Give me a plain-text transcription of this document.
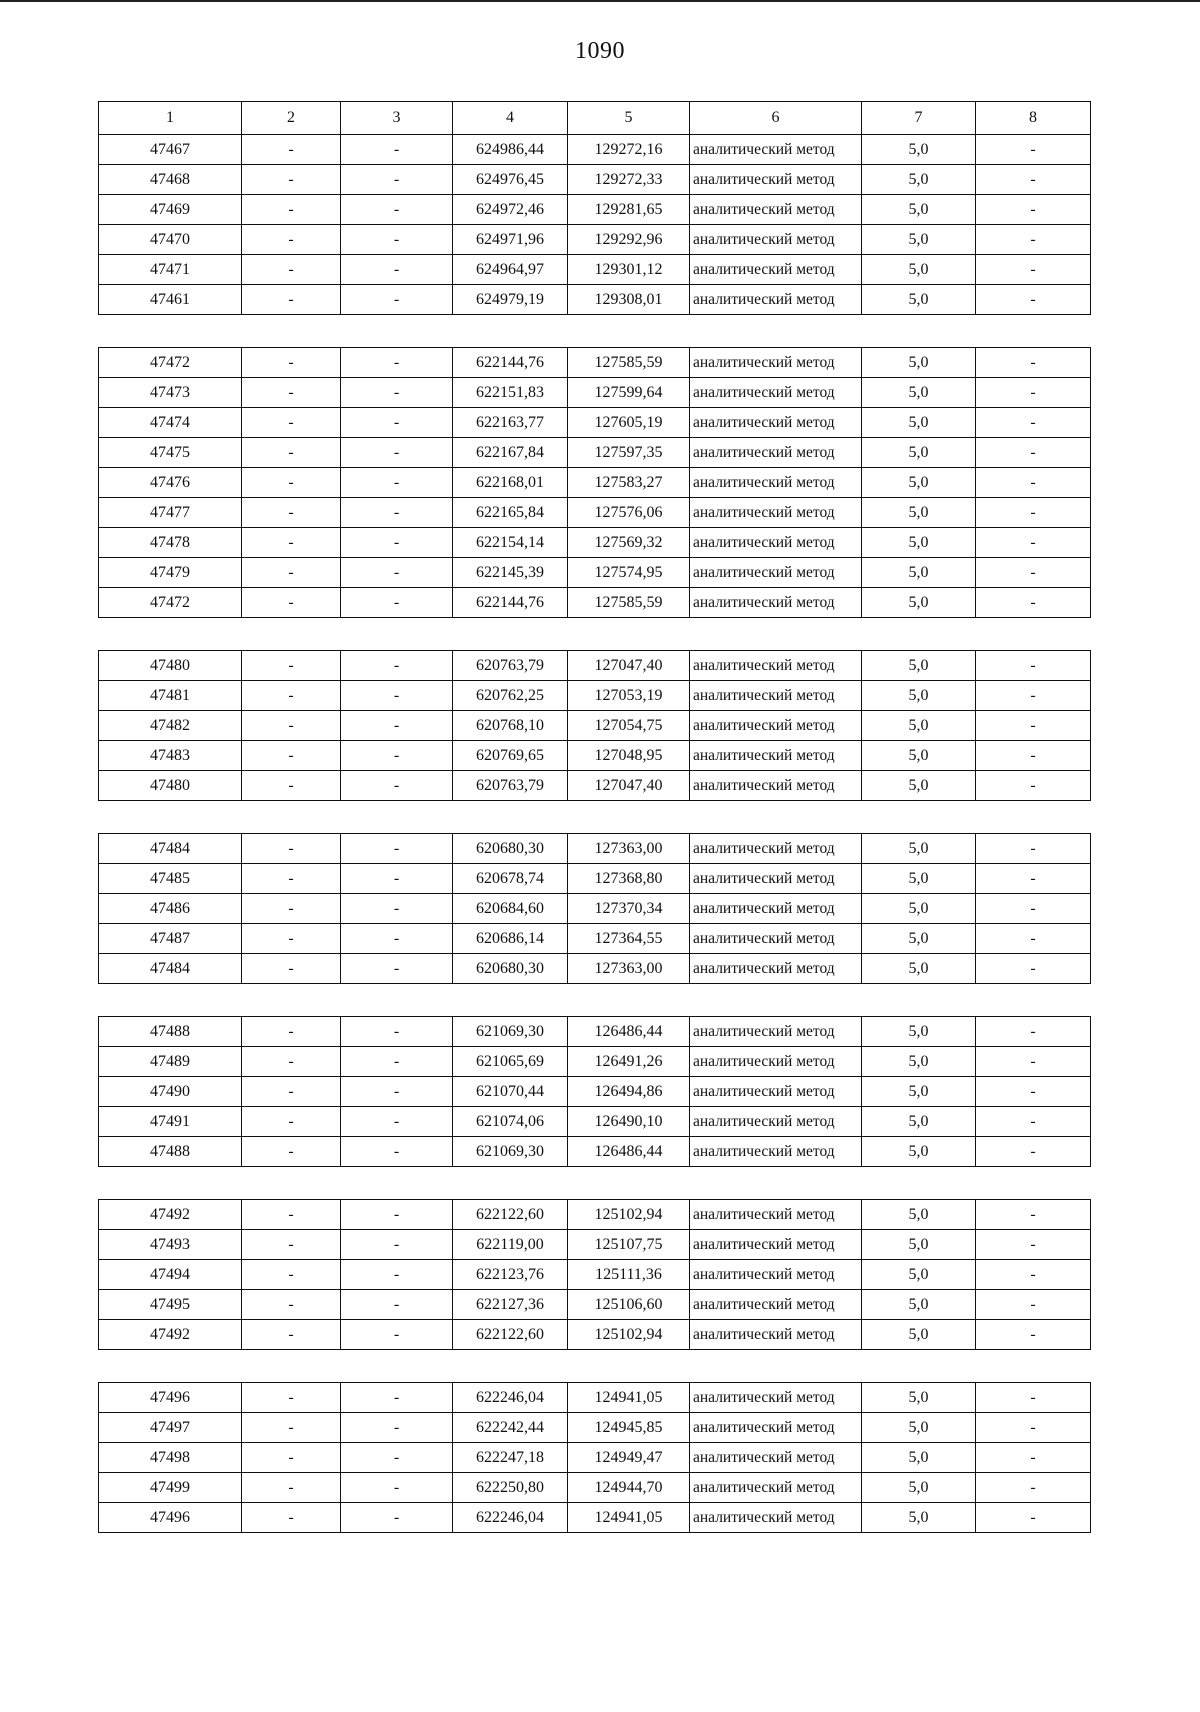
1090
1	2	3	4	5	6	7	8
47467	-	-	624986,44	129272,16	аналитический метод	5,0	-
47468	-	-	624976,45	129272,33	аналитический метод	5,0	-
47469	-	-	624972,46	129281,65	аналитический метод	5,0	-
47470	-	-	624971,96	129292,96	аналитический метод	5,0	-
47471	-	-	624964,97	129301,12	аналитический метод	5,0	-
47461	-	-	624979,19	129308,01	аналитический метод	5,0	-
47472	-	-	622144,76	127585,59	аналитический метод	5,0	-
47473	-	-	622151,83	127599,64	аналитический метод	5,0	-
47474	-	-	622163,77	127605,19	аналитический метод	5,0	-
47475	-	-	622167,84	127597,35	аналитический метод	5,0	-
47476	-	-	622168,01	127583,27	аналитический метод	5,0	-
47477	-	-	622165,84	127576,06	аналитический метод	5,0	-
47478	-	-	622154,14	127569,32	аналитический метод	5,0	-
47479	-	-	622145,39	127574,95	аналитический метод	5,0	-
47472	-	-	622144,76	127585,59	аналитический метод	5,0	-
47480	-	-	620763,79	127047,40	аналитический метод	5,0	-
47481	-	-	620762,25	127053,19	аналитический метод	5,0	-
47482	-	-	620768,10	127054,75	аналитический метод	5,0	-
47483	-	-	620769,65	127048,95	аналитический метод	5,0	-
47480	-	-	620763,79	127047,40	аналитический метод	5,0	-
47484	-	-	620680,30	127363,00	аналитический метод	5,0	-
47485	-	-	620678,74	127368,80	аналитический метод	5,0	-
47486	-	-	620684,60	127370,34	аналитический метод	5,0	-
47487	-	-	620686,14	127364,55	аналитический метод	5,0	-
47484	-	-	620680,30	127363,00	аналитический метод	5,0	-
47488	-	-	621069,30	126486,44	аналитический метод	5,0	-
47489	-	-	621065,69	126491,26	аналитический метод	5,0	-
47490	-	-	621070,44	126494,86	аналитический метод	5,0	-
47491	-	-	621074,06	126490,10	аналитический метод	5,0	-
47488	-	-	621069,30	126486,44	аналитический метод	5,0	-
47492	-	-	622122,60	125102,94	аналитический метод	5,0	-
47493	-	-	622119,00	125107,75	аналитический метод	5,0	-
47494	-	-	622123,76	125111,36	аналитический метод	5,0	-
47495	-	-	622127,36	125106,60	аналитический метод	5,0	-
47492	-	-	622122,60	125102,94	аналитический метод	5,0	-
47496	-	-	622246,04	124941,05	аналитический метод	5,0	-
47497	-	-	622242,44	124945,85	аналитический метод	5,0	-
47498	-	-	622247,18	124949,47	аналитический метод	5,0	-
47499	-	-	622250,80	124944,70	аналитический метод	5,0	-
47496	-	-	622246,04	124941,05	аналитический метод	5,0	-
